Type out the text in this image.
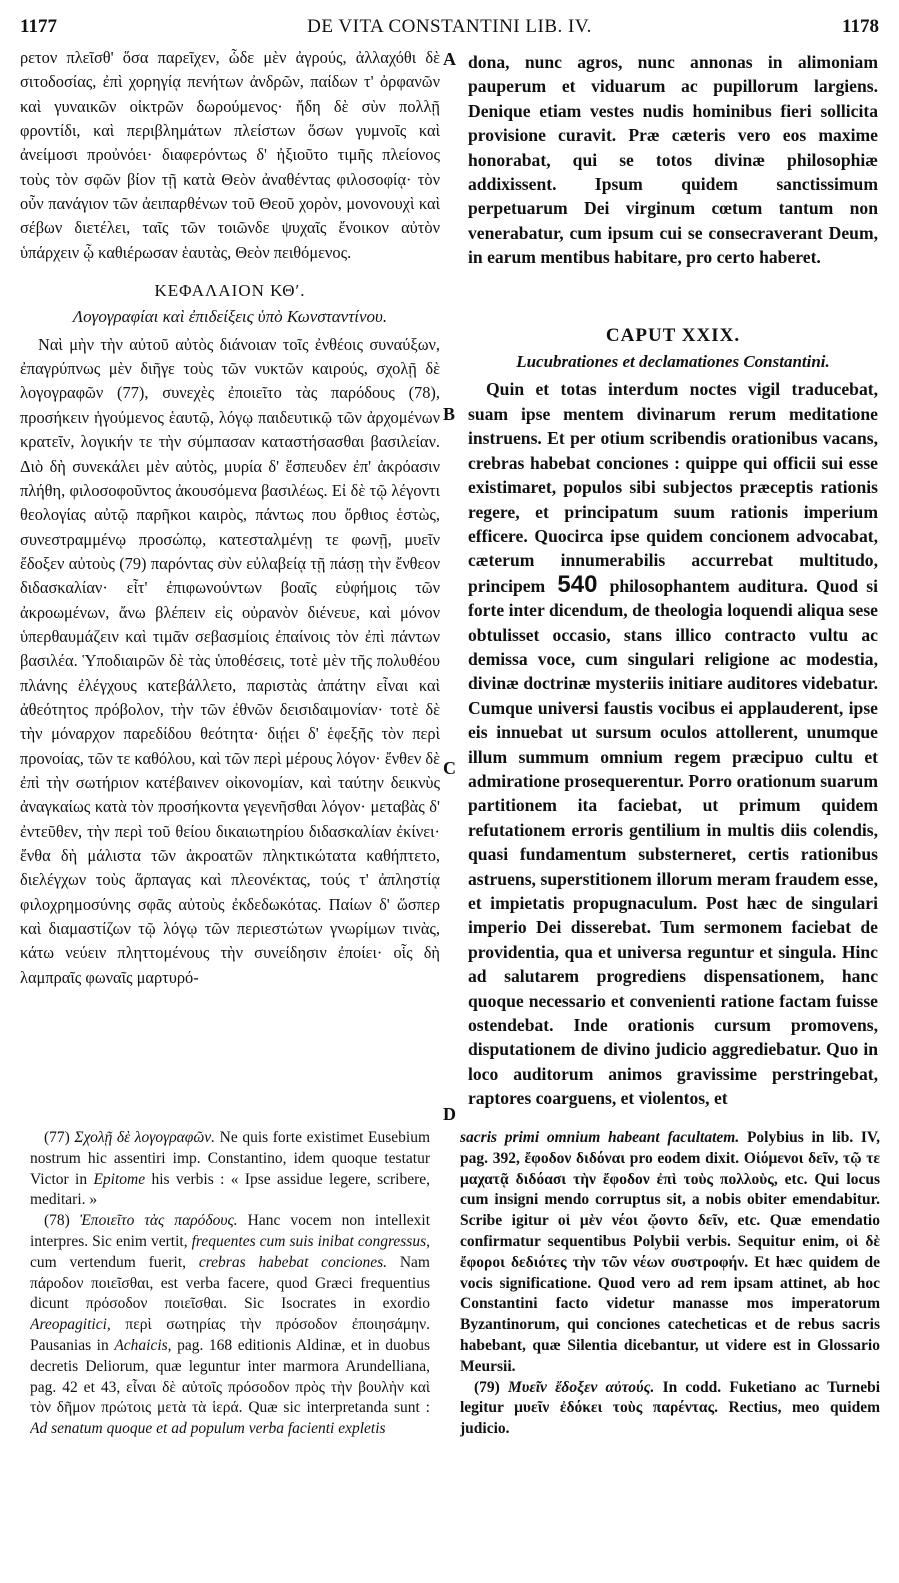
1177	DE VITA CONSTANTINI LIB. IV.	1178
A
B
C
D

ρετον πλεῖσθ' ὅσα παρεῖχεν, ὧδε μὲν ἀγρούς, ἀλλαχόθι δὲ σιτοδοσίας, ἐπὶ χορηγίᾳ πενήτων ἀνδρῶν, παίδων τ' ὀρφανῶν καὶ γυναικῶν οἰκτρῶν δωρούμενος· ἤδη δὲ σὺν πολλῇ φροντίδι, καὶ περιβλημάτων πλείστων ὅσων γυμνοῖς καὶ ἀνείμοσι προὐνόει· διαφερόντως δ' ἠξιοῦτο τιμῆς πλείονος τοὺς τὸν σφῶν βίον τῇ κατὰ Θεὸν ἀναθέντας φιλοσοφίᾳ· τὸν οὖν πανάγιον τῶν ἀειπαρθένων τοῦ Θεοῦ χορὸν, μονονουχὶ καὶ σέβων διετέλει, ταῖς τῶν τοιῶνδε ψυχαῖς ἔνοικον αὐτὸν ὑπάρχειν ᾧ καθιέρωσαν ἑαυτὰς, Θεὸν πειθόμενος.

ΚΕΦΑΛΑΙΟΝ ΚΘʹ.
Λογογραφίαι καὶ ἐπιδείξεις ὑπὸ Κωνσταντίνου.

Ναὶ μὴν τὴν αὐτοῦ αὐτὸς διάνοιαν τοῖς ἐνθέοις συναύξων, ἐπαγρύπνως μὲν διῆγε τοὺς τῶν νυκτῶν καιρούς, σχολῇ δὲ λογογραφῶν (77), συνεχὲς ἐποιεῖτο τὰς παρόδους (78), προσήκειν ἡγούμενος ἑαυτῷ, λόγῳ παιδευτικῷ τῶν ἀρχομένων κρατεῖν, λογικήν τε τὴν σύμπασαν καταστήσασθαι βασιλείαν. Διὸ δὴ συνεκάλει μὲν αὐτὸς, μυρία δ' ἔσπευδεν ἐπ' ἀκρόασιν πλήθη, φιλοσοφοῦντος ἀκουσόμενα βασιλέως. Εἰ δὲ τῷ λέγοντι θεολογίας αὐτῷ παρῆκοι καιρὸς, πάντως που ὄρθιος ἑστὼς, συνεστραμμένῳ προσώπῳ, κατεσταλμένῃ τε φωνῇ, μυεῖν ἔδοξεν αὐτοὺς (79) παρόντας σὺν εὐλαβείᾳ τῇ πάσῃ τὴν ἔνθεον διδασκαλίαν· εἶτ' ἐπιφωνούντων βοαῖς εὐφήμοις τῶν ἀκροωμένων, ἄνω βλέπειν εἰς οὐρανὸν διένευε, καὶ μόνον ὑπερθαυμάζειν καὶ τιμᾶν σεβασμίοις ἐπαίνοις τὸν ἐπὶ πάντων βασιλέα. Ὑποδιαιρῶν δὲ τὰς ὑποθέσεις, τοτὲ μὲν τῆς πολυθέου πλάνης ἐλέγχους κατεβάλλετο, παριστὰς ἀπάτην εἶναι καὶ ἀθεότητος πρόβολον, τὴν τῶν ἐθνῶν δεισιδαιμονίαν· τοτὲ δὲ τὴν μόναρχον παρεδίδου θεότητα· διῄει δ' ἑφεξῆς τὸν περὶ προνοίας, τῶν τε καθόλου, καὶ τῶν περὶ μέρους λόγον· ἔνθεν δὲ ἐπὶ τὴν σωτήριον κατέβαινεν οἰκονομίαν, καὶ ταύτην δεικνὺς ἀναγκαίως κατὰ τὸν προσήκοντα γεγενῆσθαι λόγον· μεταβὰς δ' ἐντεῦθεν, τὴν περὶ τοῦ θείου δικαιωτηρίου διδασκαλίαν ἐκίνει· ἔνθα δὴ μάλιστα τῶν ἀκροατῶν πληκτικώτατα καθήπτετο, διελέγχων τοὺς ἅρπαγας καὶ πλεονέκτας, τούς τ' ἀπληστίᾳ φιλοχρημοσύνης σφᾶς αὐτοὺς ἐκδεδωκότας. Παίων δ' ὥσπερ καὶ διαμαστίζων τῷ λόγῳ τῶν περιεστώτων γνωρίμων τινὰς, κάτω νεύειν πληττομένους τὴν συνείδησιν ἐποίει· οἷς δὴ λαμπραῖς φωναῖς μαρτυρό-

dona, nunc agros, nunc annonas in alimoniam pauperum et viduarum ac pupillorum largiens. Denique etiam vestes nudis hominibus fieri sollicita provisione curavit. Præ cæteris vero eos maxime honorabat, qui se totos divinæ philosophiæ addixissent. Ipsum quidem sanctissimum perpetuarum Dei virginum cœtum tantum non venerabatur, cum ipsum cui se consecraverant Deum, in earum mentibus habitare, pro certo haberet.

CAPUT XXIX.
Lucubrationes et declamationes Constantini.

Quin et totas interdum noctes vigil traducebat, suam ipse mentem divinarum rerum meditatione instruens. Et per otium scribendis orationibus vacans, crebras habebat conciones : quippe qui officii sui esse existimaret, populos sibi subjectos præceptis rationis regere, et principatum suum rationis imperium efficere. Quocirca ipse quidem concionem advocabat, cæterum innumerabilis accurrebat multitudo, principem 540 philosophantem auditura. Quod si forte inter dicendum, de theologia loquendi aliqua sese obtulisset occasio, stans illico contracto vultu ac demissa voce, cum singulari religione ac modestia, divinæ doctrinæ mysteriis initiare auditores videbatur. Cumque universi faustis vocibus ei applauderent, ipse eis innuebat ut sursum oculos attollerent, unumque illum summum omnium regem præcipuo cultu et admiratione prosequerentur. Porro orationum suarum partitionem ita faciebat, ut primum quidem refutationem erroris gentilium in multis diis colendis, quasi fundamentum substerneret, certis rationibus astruens, superstitionem illorum meram fraudem esse, et impietatis propugnaculum. Post hæc de singulari imperio Dei disserebat. Tum sermonem faciebat de providentia, qua et universa reguntur et singula. Hinc ad salutarem progrediens dispensationem, hanc quoque necessario et convenienti ratione factam fuisse ostendebat. Inde orationis cursum promovens, disputationem de divino judicio aggrediebatur. Quo in loco auditorum animos gravissime perstringebat, raptores coarguens, et violentos, et

(77) Σχολῇ δὲ λογογραφῶν. Ne quis forte existimet Eusebium nostrum hic assentiri imp. Constantino, idem quoque testatur Victor in Epitome his verbis : « Ipse assidue legere, scribere, meditari. »

(78) Ἐποιεῖτο τὰς παρόδους. Hanc vocem non intellexit interpres. Sic enim vertit, frequentes cum suis inibat congressus, cum vertendum fuerit, crebras habebat conciones. Nam πάροδον ποιεῖσθαι, est verba facere, quod Græci frequentius dicunt πρόσοδον ποιεῖσθαι. Sic Isocrates in exordio Areopagitici, περὶ σωτηρίας τὴν πρόσοδον ἐποιησάμην. Pausanias in Achaicis, pag. 168 editionis Aldinæ, et in duobus decretis Deliorum, quæ leguntur inter marmora Arundelliana, pag. 42 et 43, εἶναι δὲ αὐτοῖς πρόσοδον πρὸς τὴν βουλὴν καὶ τὸν δῆμον πρώτοις μετὰ τὰ ἱερά. Quæ sic interpretanda sunt : Ad senatum quoque et ad populum verba facienti expletis

sacris primi omnium habeant facultatem. Polybius in lib. IV, pag. 392, ἔφοδον διδόναι pro eodem dixit. Οἰόμενοι δεῖν, τῷ τε μαχατᾷ διδόασι τὴν ἔφοδον ἐπὶ τοὺς πολλοὺς, etc. Qui locus cum insigni mendo corruptus sit, a nobis obiter emendabitur. Scribe igitur οἱ μὲν νέοι ᾤοντο δεῖν, etc. Quæ emendatio confirmatur sequentibus Polybii verbis. Sequitur enim, οἱ δὲ ἔφοροι δεδιότες τὴν τῶν νέων συστροφήν. Et hæc quidem de vocis significatione. Quod vero ad rem ipsam attinet, ab hoc Constantini facto videtur manasse mos imperatorum Byzantinorum, qui conciones catecheticas et de rebus sacris habebant, quæ Silentia dicebantur, ut videre est in Glossario Meursii.

(79) Μυεῖν ἔδοξεν αὐτούς. In codd. Fuketiano ac Turnebi legitur μυεῖν ἐδόκει τοὺς παρέντας. Rectius, meo quidem judicio.
